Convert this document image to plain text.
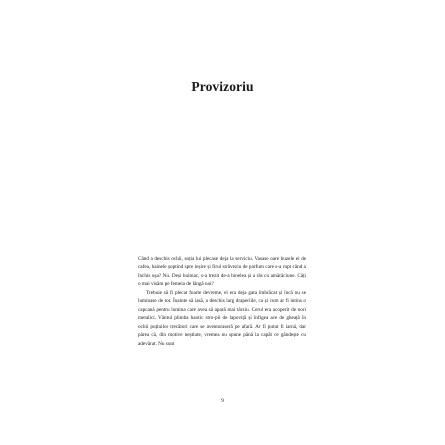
Provizoriu

Când a deschis ochii, soția lui plecase deja la serviciu. Vasase oare buzele ei de cafea, hainele șoptind spre ieșire și firul străveziu de parfum care s-a rupt când a închis ușa? Nu. Deși buimac, s-a trezit de-a binelea și a râs cu amărăciune. Câți o mai visăm pe femeia de lângă noi?

Trebuie să fi plecat foarte devreme, el era deja gata îmbrăcat și încă nu se luminase de tot. Înainte să iasă, a deschis larg draperiile, ca și cum ar fi intins o capcană pentru lumina care avea să apară mai târziu. Cerul era acoperit de nori metalici. Vântul plimba haotic stro-pii de lapoviță și înfigea ace de gheață în ochii puținilor trecători care se aventuraseră pe afară. Ar fi putut fi iarnă, dar părea că, din motive neștiute, vremea nu spune până la capăt ce gândește cu adevărat. Nu sunt

9
